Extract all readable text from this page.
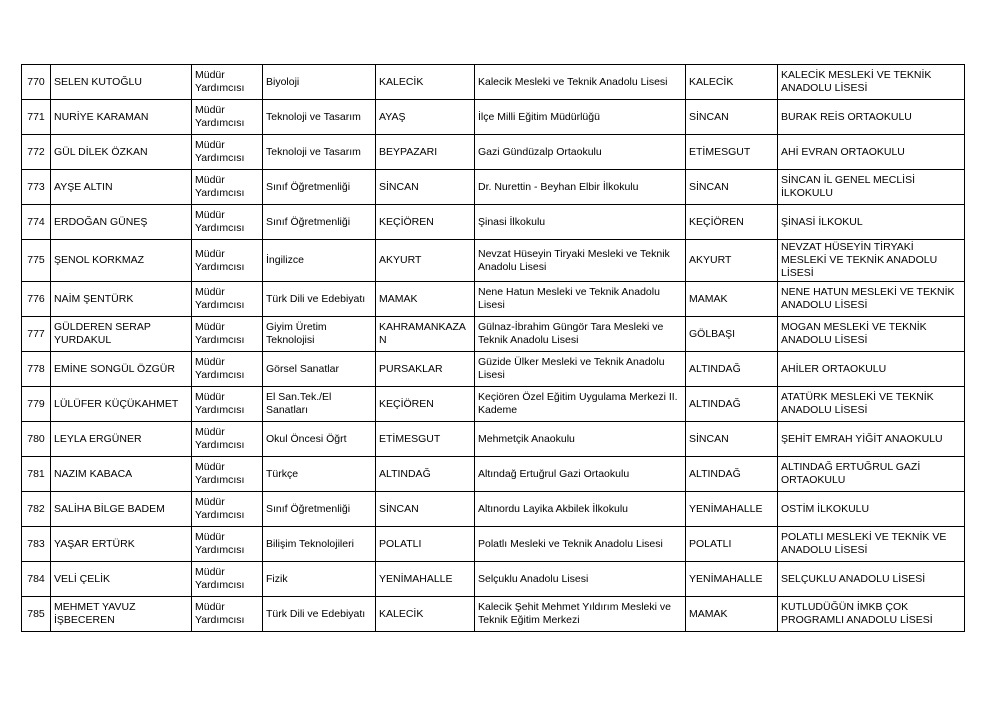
770	SELEN KUTOĞLU	Müdür Yardımcısı	Biyoloji	KALECİK	Kalecik Mesleki ve Teknik Anadolu Lisesi	KALECİK	KALECİK MESLEKİ VE TEKNİK ANADOLU LİSESİ
771	NURİYE KARAMAN	Müdür Yardımcısı	Teknoloji ve Tasarım	AYAŞ	İlçe Milli Eğitim Müdürlüğü	SİNCAN	BURAK REİS ORTAOKULU
772	GÜL DİLEK ÖZKAN	Müdür Yardımcısı	Teknoloji ve Tasarım	BEYPAZARI	Gazi Gündüzalp Ortaokulu	ETİMESGUT	AHİ EVRAN ORTAOKULU
773	AYŞE ALTIN	Müdür Yardımcısı	Sınıf Öğretmenliği	SİNCAN	Dr. Nurettin - Beyhan Elbir İlkokulu	SİNCAN	SİNCAN İL GENEL MECLİSİ İLKOKULU
774	ERDOĞAN GÜNEŞ	Müdür Yardımcısı	Sınıf Öğretmenliği	KEÇİÖREN	Şinasi İlkokulu	KEÇİÖREN	ŞİNASİ İLKOKUL
775	ŞENOL KORKMAZ	Müdür Yardımcısı	İngilizce	AKYURT	Nevzat Hüseyin Tiryaki Mesleki ve Teknik Anadolu Lisesi	AKYURT	NEVZAT HÜSEYİN TİRYAKİ MESLEKİ VE TEKNİK ANADOLU LİSESİ
776	NAİM ŞENTÜRK	Müdür Yardımcısı	Türk Dili ve Edebiyatı	MAMAK	Nene Hatun Mesleki ve Teknik Anadolu Lisesi	MAMAK	NENE HATUN MESLEKİ VE TEKNİK ANADOLU LİSESİ
777	GÜLDEREN SERAP YURDAKUL	Müdür Yardımcısı	Giyim Üretim Teknolojisi	KAHRAMANKAZAN	Gülnaz-İbrahim Güngör Tara Mesleki ve Teknik Anadolu Lisesi	GÖLBAŞI	MOGAN MESLEKİ VE TEKNİK ANADOLU LİSESİ
778	EMİNE SONGÜL ÖZGÜR	Müdür Yardımcısı	Görsel Sanatlar	PURSAKLAR	Güzide Ülker Mesleki ve Teknik Anadolu Lisesi	ALTINDAĞ	AHİLER ORTAOKULU
779	LÜLÜFER KÜÇÜKAHMET	Müdür Yardımcısı	El San.Tek./El Sanatları	KEÇİÖREN	Keçiören Özel Eğitim Uygulama Merkezi II. Kademe	ALTINDAĞ	ATATÜRK MESLEKİ VE TEKNİK ANADOLU LİSESİ
780	LEYLA ERGÜNER	Müdür Yardımcısı	Okul Öncesi Öğrt	ETİMESGUT	Mehmetçik Anaokulu	SİNCAN	ŞEHİT EMRAH YİĞİT ANAOKULU
781	NAZIM KABACA	Müdür Yardımcısı	Türkçe	ALTINDAĞ	Altındağ Ertuğrul Gazi Ortaokulu	ALTINDAĞ	ALTINDAĞ ERTUĞRUL GAZİ ORTAOKULU
782	SALİHA BİLGE BADEM	Müdür Yardımcısı	Sınıf Öğretmenliği	SİNCAN	Altınordu Layika Akbilek İlkokulu	YENİMAHALLE	OSTİM İLKOKULU
783	YAŞAR ERTÜRK	Müdür Yardımcısı	Bilişim Teknolojileri	POLATLI	Polatlı Mesleki ve Teknik Anadolu Lisesi	POLATLI	POLATLI MESLEKİ VE TEKNİK VE ANADOLU LİSESİ
784	VELİ ÇELİK	Müdür Yardımcısı	Fizik	YENİMAHALLE	Selçuklu Anadolu Lisesi	YENİMAHALLE	SELÇUKLU ANADOLU LİSESİ
785	MEHMET YAVUZ İŞBECEREN	Müdür Yardımcısı	Türk Dili ve Edebiyatı	KALECİK	Kalecik Şehit Mehmet Yıldırım Mesleki ve Teknik Eğitim Merkezi	MAMAK	KUTLUDÜĞÜN İMKB ÇOK PROGRAMLI ANADOLU LİSESİ
